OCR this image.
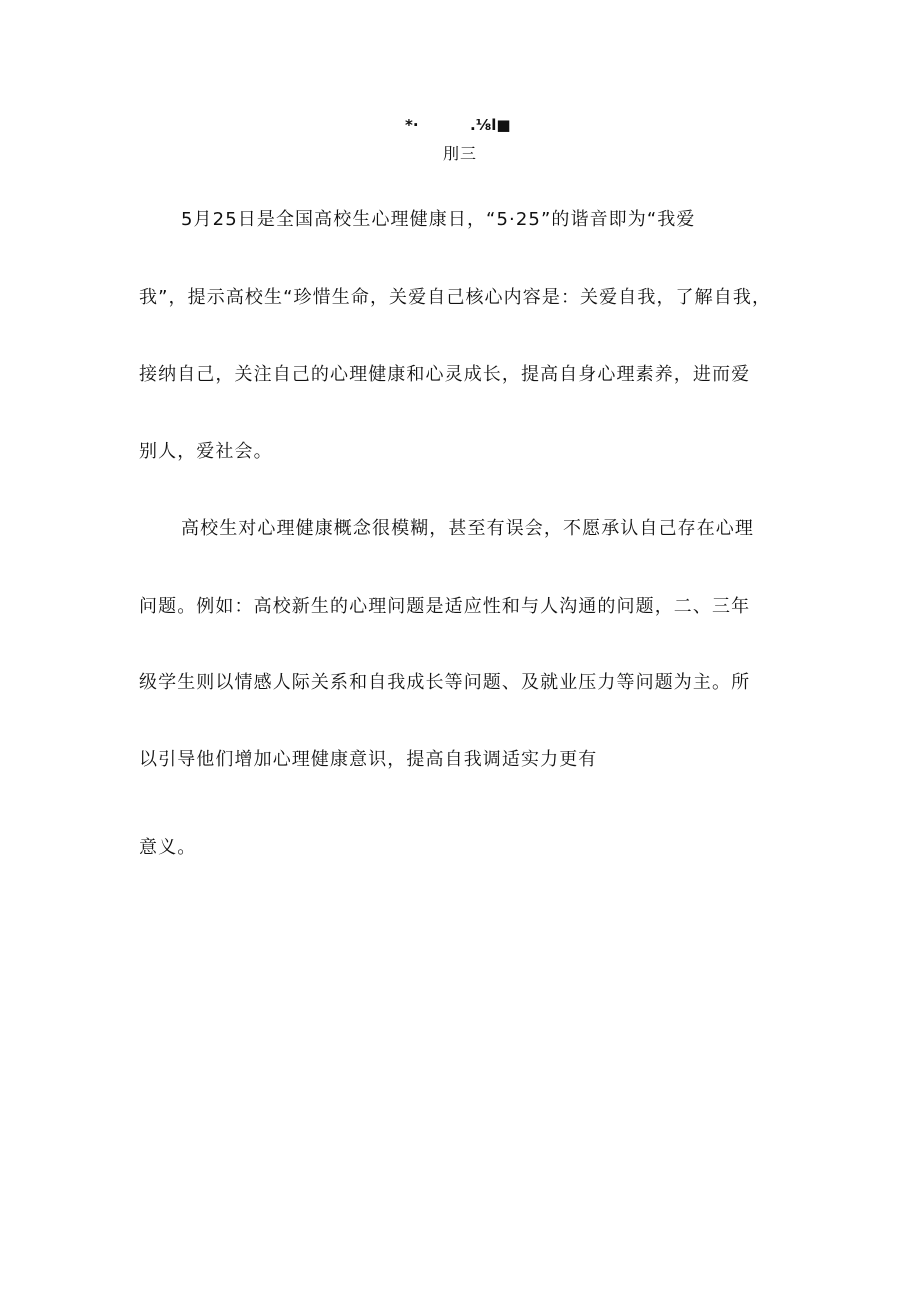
*·	.⅛l■
刖三
5月25日是全国高校生心理健康日，“5·25”的谐音即为“我爱
我”，提示高校生“珍惜生命，关爱自己核心内容是：关爱自我，了解自我，
接纳自己，关注自己的心理健康和心灵成长，提高自身心理素养，进而爱
别人，爱社会。
高校生对心理健康概念很模糊，甚至有误会，不愿承认自己存在心理
问题。例如：高校新生的心理问题是适应性和与人沟通的问题，二、三年
级学生则以情感人际关系和自我成长等问题、及就业压力等问题为主。所
以引导他们增加心理健康意识，提高自我调适实力更有
意义。
